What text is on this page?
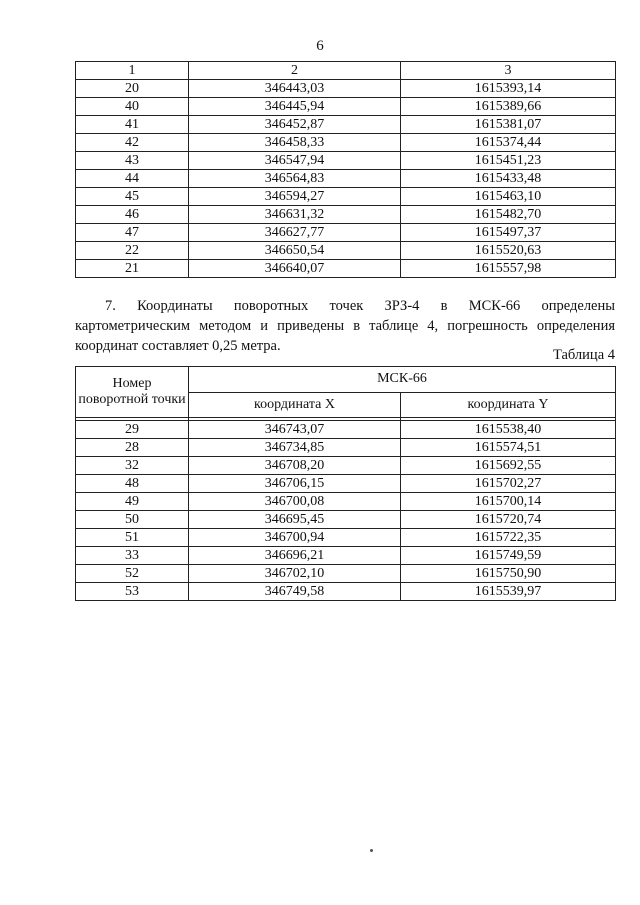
6
1	2	3
20	346443,03	1615393,14
40	346445,94	1615389,66
41	346452,87	1615381,07
42	346458,33	1615374,44
43	346547,94	1615451,23
44	346564,83	1615433,48
45	346594,27	1615463,10
46	346631,32	1615482,70
47	346627,77	1615497,37
22	346650,54	1615520,63
21	346640,07	1615557,98
7. Координаты поворотных точек ЗРЗ-4 в МСК-66 определены
картометрическим методом и приведены в таблице 4, погрешность определения координат составляет 0,25 метра.
Таблица 4
Номер поворотной точки	МСК-66	
	координата X	координата Y

29	346743,07	1615538,40
28	346734,85	1615574,51
32	346708,20	1615692,55
48	346706,15	1615702,27
49	346700,08	1615700,14
50	346695,45	1615720,74
51	346700,94	1615722,35
33	346696,21	1615749,59
52	346702,10	1615750,90
53	346749,58	1615539,97
